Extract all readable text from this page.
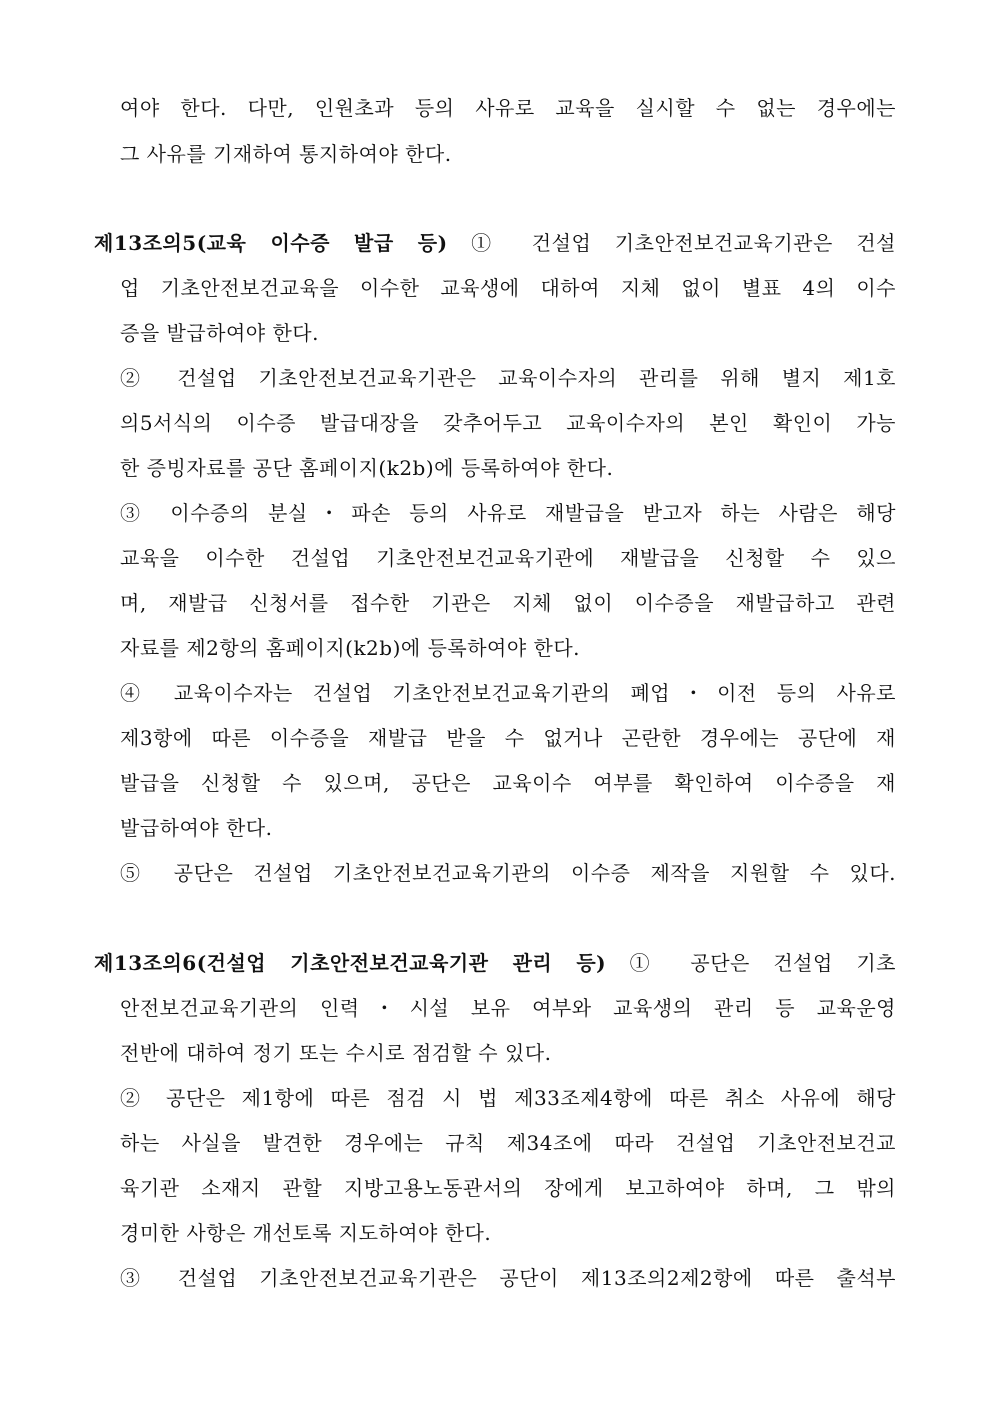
여야 한다. 다만, 인원초과 등의 사유로 교육을 실시할 수 없는 경우에는
그 사유를 기재하여 통지하여야 한다.
제13조의5(교육 이수증 발급 등) ① 건설업 기초안전보건교육기관은 건설
업 기초안전보건교육을 이수한 교육생에 대하여 지체 없이 별표 4의 이수
증을 발급하여야 한다.
② 건설업 기초안전보건교육기관은 교육이수자의 관리를 위해 별지 제1호
의5서식의 이수증 발급대장을 갖추어두고 교육이수자의 본인 확인이 가능
한 증빙자료를 공단 홈페이지(k2b)에 등록하여야 한다.
③ 이수증의 분실・파손 등의 사유로 재발급을 받고자 하는 사람은 해당
교육을 이수한 건설업 기초안전보건교육기관에 재발급을 신청할 수 있으
며, 재발급 신청서를 접수한 기관은 지체 없이 이수증을 재발급하고 관련
자료를 제2항의 홈페이지(k2b)에 등록하여야 한다.
④ 교육이수자는 건설업 기초안전보건교육기관의 폐업・이전 등의 사유로
제3항에 따른 이수증을 재발급 받을 수 없거나 곤란한 경우에는 공단에 재
발급을 신청할 수 있으며, 공단은 교육이수 여부를 확인하여 이수증을 재
발급하여야 한다.
⑤ 공단은 건설업 기초안전보건교육기관의 이수증 제작을 지원할 수 있다.
제13조의6(건설업 기초안전보건교육기관 관리 등) ① 공단은 건설업 기초
안전보건교육기관의 인력・시설 보유 여부와 교육생의 관리 등 교육운영
전반에 대하여 정기 또는 수시로 점검할 수 있다.
② 공단은 제1항에 따른 점검 시 법 제33조제4항에 따른 취소 사유에 해당
하는 사실을 발견한 경우에는 규칙 제34조에 따라 건설업 기초안전보건교
육기관 소재지 관할 지방고용노동관서의 장에게 보고하여야 하며, 그 밖의
경미한 사항은 개선토록 지도하여야 한다.
③ 건설업 기초안전보건교육기관은 공단이 제13조의2제2항에 따른 출석부
